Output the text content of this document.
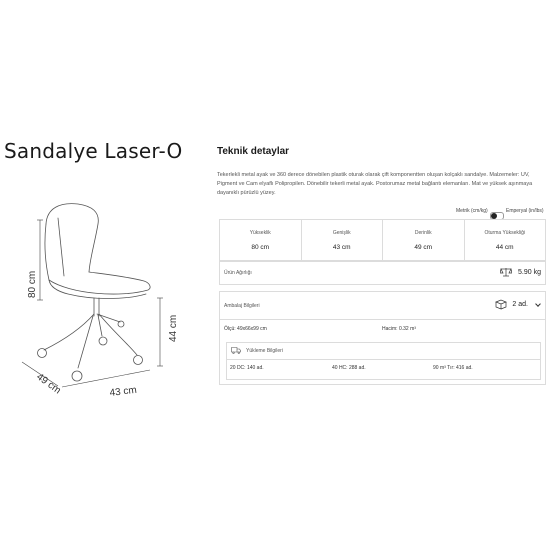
Sandalye Laser-O
80 cm
44 cm
49 cm	43 cm
Teknik detaylar
Tekerlekli metal ayak ve 360 derece dönebilen plastik oturak olarak çift komponentten oluşan kolçaklı sandalye. Malzemeler: UV, Pigment ve Cam elyaflı Polipropilen. Dönebilir tekerli metal ayak. Postorumaz metal bağlantı elemanları. Mat ve yüksek aşınmaya dayanıklı pürüzlü yüzey.
Metrik (cm/kg)	Emperyal (in/lbs)
Yükseklik
80 cm
Genişlik
43 cm
Derinlik
49 cm
Oturma Yüksekliği
44 cm
Ürün Ağırlığı	5.90 kg
Ambalaj Bilgileri	2 ad.
Ölçü: 49x66x99 cm	Hacim: 0.32 m³
Yükleme Bilgileri
20 DC: 140 ad.	40 HC: 288 ad.	90 m³ Tır: 416 ad.
